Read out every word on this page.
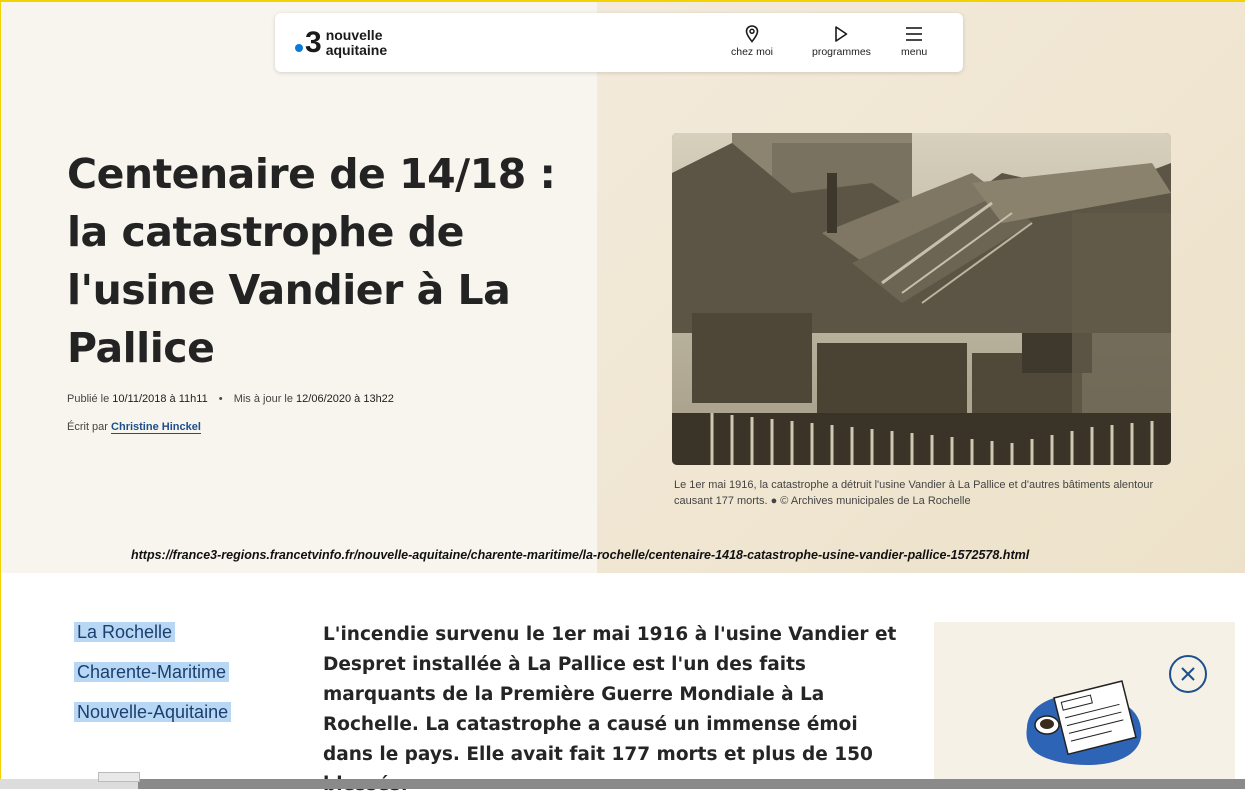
3 nouvelle
aquitaine	chez moi	programmes	menu
Centenaire de 14/18 : la catastrophe de l'usine Vandier à La Pallice
Publié le 10/11/2018 à 11h11 • Mis à jour le 12/06/2020 à 13h22
Écrit par Christine Hinckel
Le 1er mai 1916, la catastrophe a détruit l'usine Vandier à La Pallice et d'autres bâtiments alentour causant 177 morts. ● © Archives municipales de La Rochelle
https://france3-regions.francetvinfo.fr/nouvelle-aquitaine/charente-maritime/la-rochelle/centenaire-1418-catastrophe-usine-vandier-pallice-1572578.html
La Rochelle
Charente-Maritime
Nouvelle-Aquitaine

L'incendie survenu le 1er mai 1916 à l'usine Vandier et Despret installée à La Pallice est l'un des faits marquants de la Première Guerre Mondiale à La Rochelle. La catastrophe a causé un immense émoi dans le pays. Elle avait fait 177 morts et plus de 150
